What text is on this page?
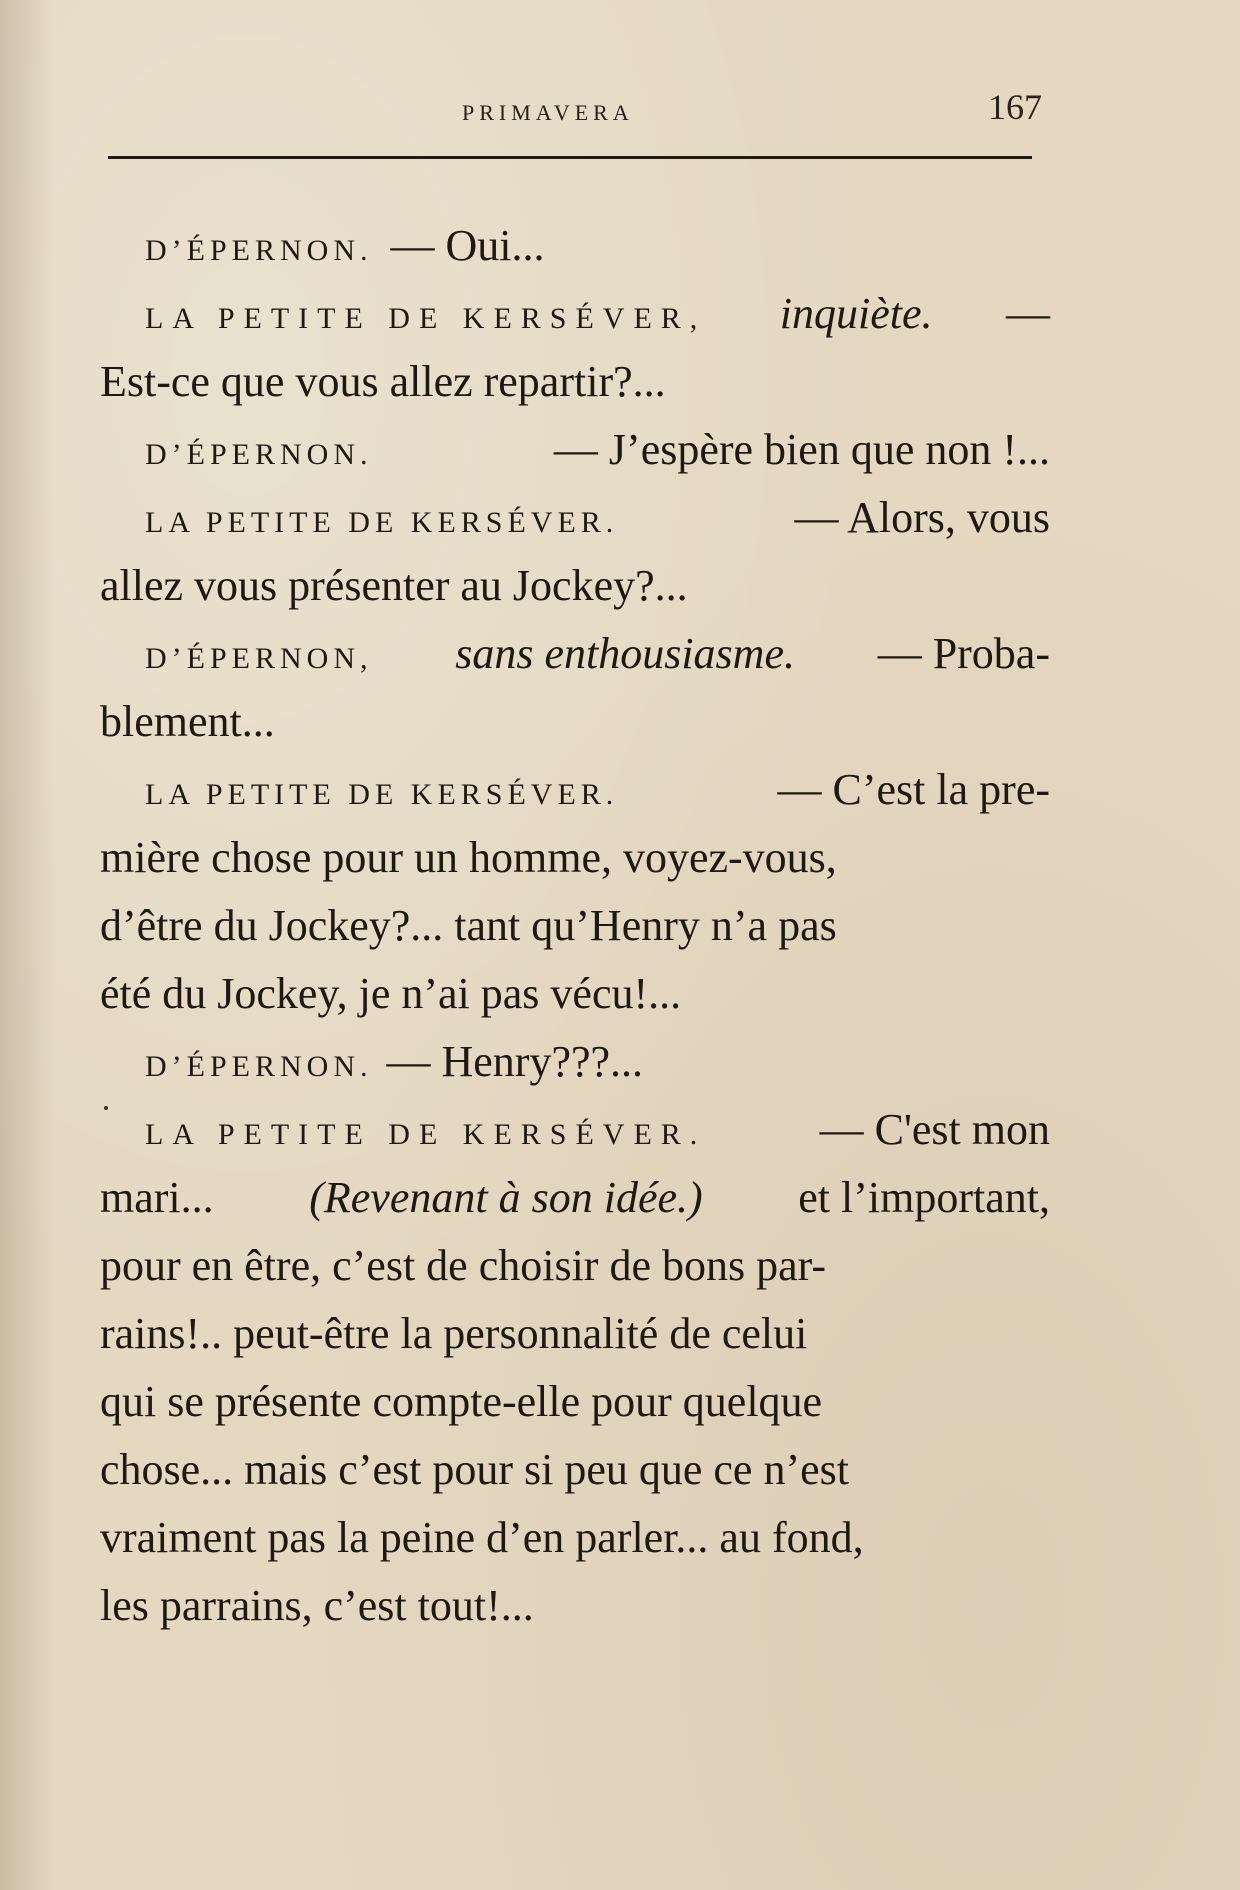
PRIMAVERA	167
D’ÉPERNON. — Oui...
LA PETITE DE KERSÉVER, inquiète. —
Est-ce que vous allez repartir?...
D’ÉPERNON.	— J’espère bien que non !...
LA PETITE DE KERSÉVER.	— Alors, vous
allez vous présenter au Jockey?...
D’ÉPERNON, sans enthousiasme. — Proba-
blement...
LA PETITE DE KERSÉVER.	— C’est la pre-
mière chose pour un homme, voyez-vous,
d’être du Jockey?... tant qu’Henry n’a pas
été du Jockey, je n’ai pas vécu!...
D’ÉPERNON. — Henry???...
LA PETITE DE KERSÉVER.	— C'est mon
mari... (Revenant à son idée.) et l’important,
pour en être, c’est de choisir de bons par-
rains!.. peut-être la personnalité de celui
qui se présente compte-elle pour quelque
chose... mais c’est pour si peu que ce n’est
vraiment pas la peine d’en parler... au fond,
les parrains, c’est tout!...
